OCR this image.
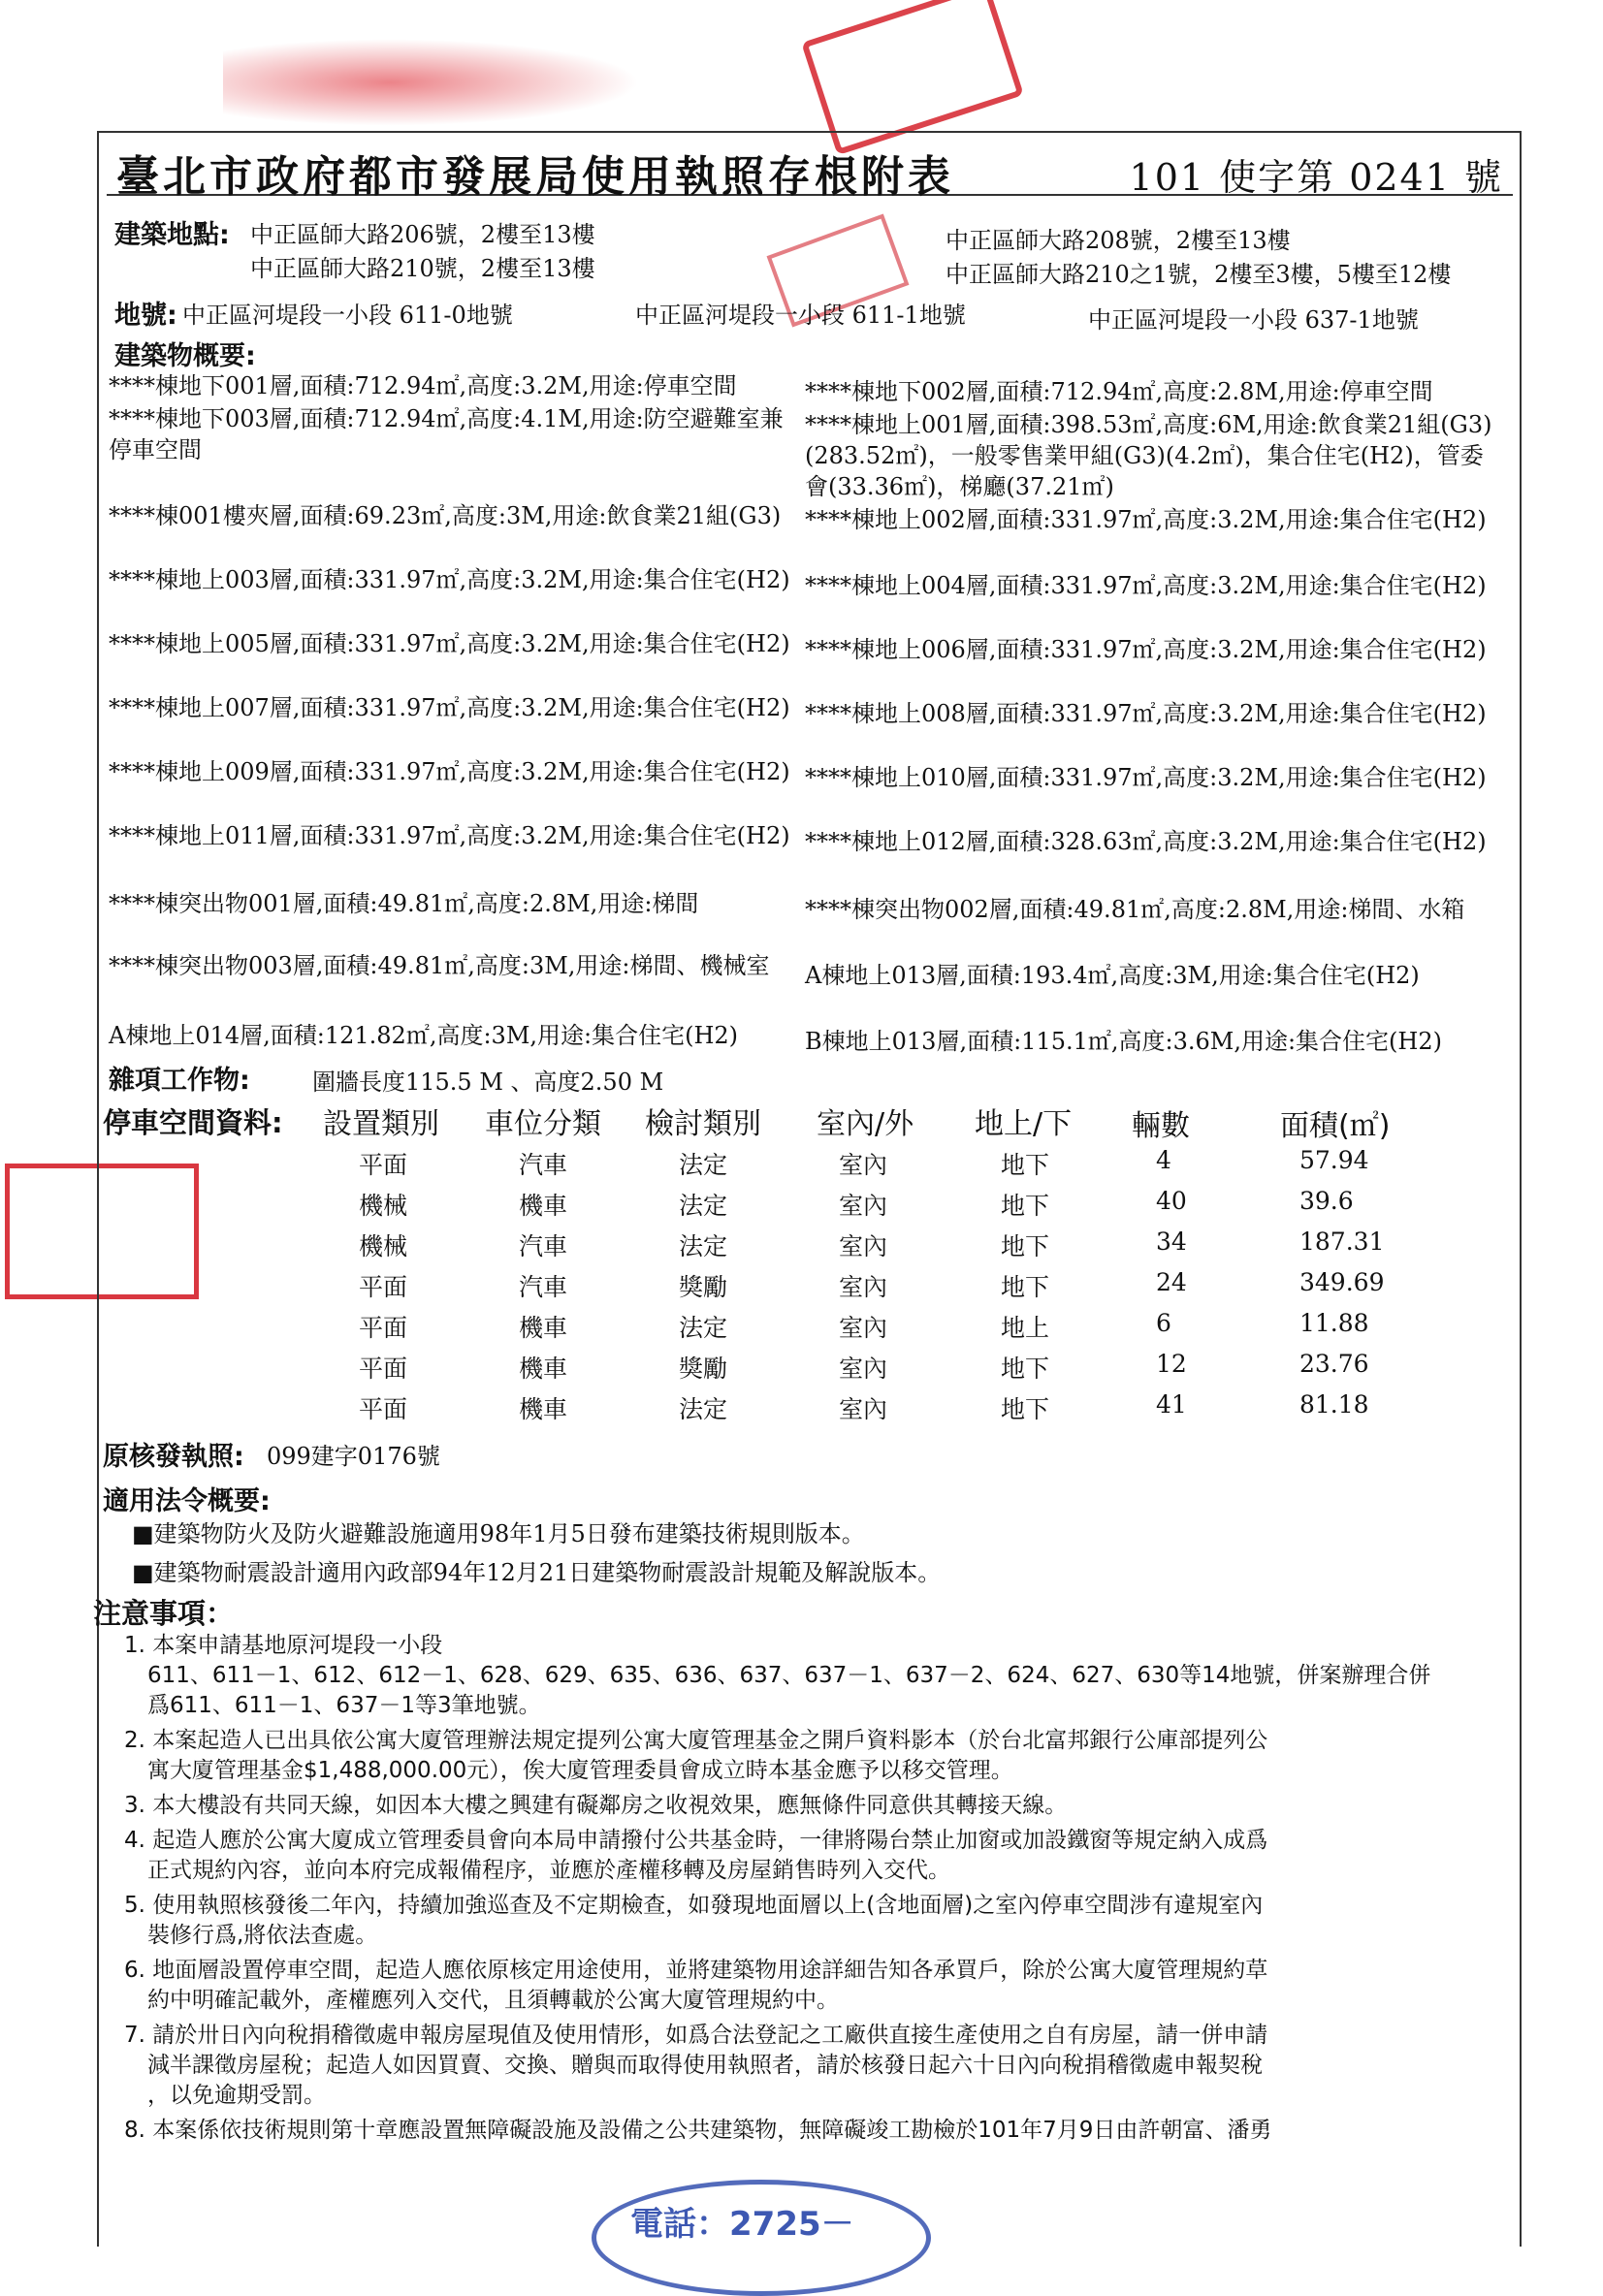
電話：2725－
臺北市政府都市發展局使用執照存根附表	101 使字第 0241 號
建築地點: 中正區師大路206號，2樓至13樓
中正區師大路210號，2樓至13樓
中正區師大路208號，2樓至13樓
中正區師大路210之1號，2樓至3樓，5樓至12樓
地號: 中正區河堤段一小段 611-0地號	中正區河堤段一小段 611-1地號	中正區河堤段一小段 637-1地號
建築物概要:
****棟地下001層,面積:712.94㎡,高度:3.2M,用途:停車空間	****棟地下002層,面積:712.94㎡,高度:2.8M,用途:停車空間
****棟地下003層,面積:712.94㎡,高度:4.1M,用途:防空避難室兼停車空間
****棟地上001層,面積:398.53㎡,高度:6M,用途:飲食業21組(G3)(283.52㎡)，一般零售業甲組(G3)(4.2㎡)，集合住宅(H2)，管委會(33.36㎡)，梯廳(37.21㎡)
****棟001樓夾層,面積:69.23㎡,高度:3M,用途:飲食業21組(G3)	****棟地上002層,面積:331.97㎡,高度:3.2M,用途:集合住宅(H2)
****棟地上003層,面積:331.97㎡,高度:3.2M,用途:集合住宅(H2) ****棟地上004層,面積:331.97㎡,高度:3.2M,用途:集合住宅(H2)
****棟地上005層,面積:331.97㎡,高度:3.2M,用途:集合住宅(H2) ****棟地上006層,面積:331.97㎡,高度:3.2M,用途:集合住宅(H2)
****棟地上007層,面積:331.97㎡,高度:3.2M,用途:集合住宅(H2) ****棟地上008層,面積:331.97㎡,高度:3.2M,用途:集合住宅(H2)
****棟地上009層,面積:331.97㎡,高度:3.2M,用途:集合住宅(H2) ****棟地上010層,面積:331.97㎡,高度:3.2M,用途:集合住宅(H2)
****棟地上011層,面積:331.97㎡,高度:3.2M,用途:集合住宅(H2) ****棟地上012層,面積:328.63㎡,高度:3.2M,用途:集合住宅(H2)
****棟突出物001層,面積:49.81㎡,高度:2.8M,用途:梯間	****棟突出物002層,面積:49.81㎡,高度:2.8M,用途:梯間、水箱
****棟突出物003層,面積:49.81㎡,高度:3M,用途:梯間、機械室	A棟地上013層,面積:193.4㎡,高度:3M,用途:集合住宅(H2)
A棟地上014層,面積:121.82㎡,高度:3M,用途:集合住宅(H2)	B棟地上013層,面積:115.1㎡,高度:3.6M,用途:集合住宅(H2)
雜項工作物:	圍牆長度115.5 M 、高度2.50 M
停車空間資料: 設置類別 車位分類 檢討類別 室內/外 地上/下 輛數	面積(㎡)
平面	汽車	法定	室內	地下	4	57.94
機械	機車	法定	室內	地下	40	39.6
機械	汽車	法定	室內	地下	34	187.31
平面	汽車	獎勵	室內	地下	24	349.69
平面	機車	法定	室內	地上	6	11.88
平面	機車	獎勵	室內	地下	12	23.76
平面	機車	法定	室內	地下	41	81.18
原核發執照: 099建字0176號
適用法令概要:
■建築物防火及防火避難設施適用98年1月5日發布建築技術規則版本。
■建築物耐震設計適用內政部94年12月21日建築物耐震設計規範及解說版本。
注意事項：
1. 本案申請基地原河堤段一小段
611、611－1、612、612－1、628、629、635、636、637、637－1、637－2、624、627、630等14地號，併案辦理合併
爲611、611－1、637－1等3筆地號。
2. 本案起造人已出具依公寓大廈管理辦法規定提列公寓大廈管理基金之開戶資料影本（於台北富邦銀行公庫部提列公
寓大廈管理基金$1,488,000.00元），俟大廈管理委員會成立時本基金應予以移交管理。
3. 本大樓設有共同天線，如因本大樓之興建有礙鄰房之收視效果，應無條件同意供其轉接天線。
4. 起造人應於公寓大廈成立管理委員會向本局申請撥付公共基金時，一律將陽台禁止加窗或加設鐵窗等規定納入成爲
正式規約內容，並向本府完成報備程序，並應於產權移轉及房屋銷售時列入交代。
5. 使用執照核發後二年內，持續加強巡查及不定期檢查，如發現地面層以上(含地面層)之室內停車空間涉有違規室內
裝修行爲,將依法查處。
6. 地面層設置停車空間，起造人應依原核定用途使用，並將建築物用途詳細告知各承買戶，除於公寓大廈管理規約草
約中明確記載外，產權應列入交代，且須轉載於公寓大廈管理規約中。
7. 請於卅日內向稅捐稽徵處申報房屋現值及使用情形，如爲合法登記之工廠供直接生產使用之自有房屋，請一併申請
減半課徵房屋稅；起造人如因買賣、交換、贈與而取得使用執照者，請於核發日起六十日內向稅捐稽徵處申報契稅
，以免逾期受罰。
8. 本案係依技術規則第十章應設置無障礙設施及設備之公共建築物，無障礙竣工勘檢於101年7月9日由許朝富、潘勇
